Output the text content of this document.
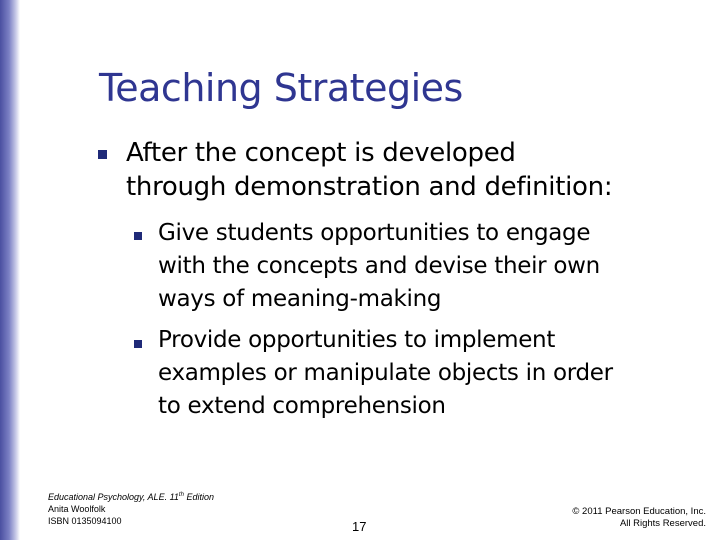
Teaching Strategies
After the concept is developed
through demonstration and definition:
Give students opportunities to engage
with the concepts and devise their own
ways of meaning-making
Provide opportunities to implement
examples or manipulate objects in order
to extend comprehension
Educational Psychology, ALE. 11th Edition
Anita Woolfolk
ISBN 0135094100	17
© 2011 Pearson Education, Inc.
All Rights Reserved.
